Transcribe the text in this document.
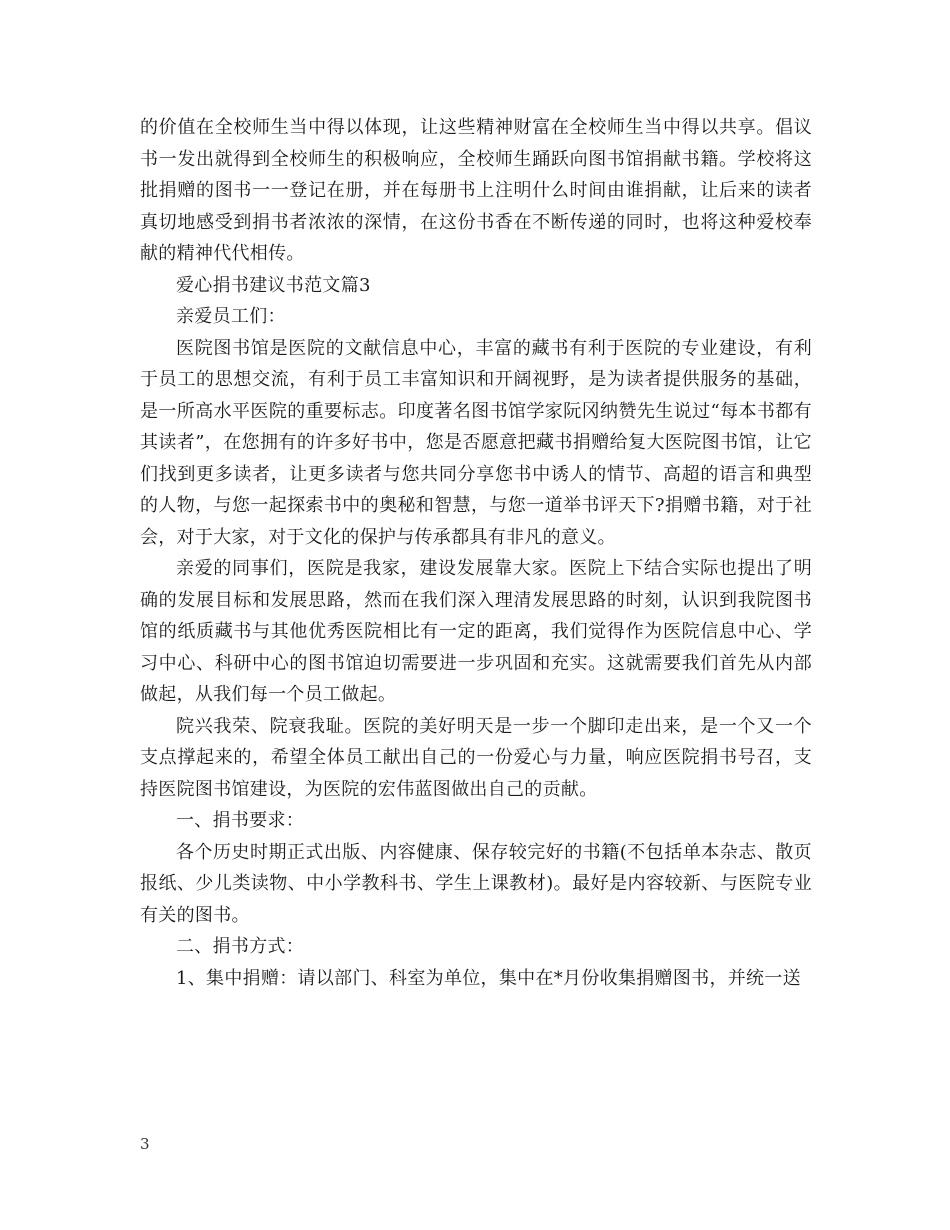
的价值在全校师生当中得以体现，让这些精神财富在全校师生当中得以共享。倡议书一发出就得到全校师生的积极响应，全校师生踊跃向图书馆捐献书籍。学校将这批捐赠的图书一一登记在册，并在每册书上注明什么时间由谁捐献，让后来的读者真切地感受到捐书者浓浓的深情，在这份书香在不断传递的同时，也将这种爱校奉献的精神代代相传。

爱心捐书建议书范文篇3

亲爱员工们：

医院图书馆是医院的文献信息中心，丰富的藏书有利于医院的专业建设，有利于员工的思想交流，有利于员工丰富知识和开阔视野，是为读者提供服务的基础，是一所高水平医院的重要标志。印度著名图书馆学家阮冈纳赞先生说过“每本书都有其读者”，在您拥有的许多好书中，您是否愿意把藏书捐赠给复大医院图书馆，让它们找到更多读者，让更多读者与您共同分享您书中诱人的情节、高超的语言和典型的人物，与您一起探索书中的奥秘和智慧，与您一道举书评天下?捐赠书籍，对于社会，对于大家，对于文化的保护与传承都具有非凡的意义。

亲爱的同事们，医院是我家，建设发展靠大家。医院上下结合实际也提出了明确的发展目标和发展思路，然而在我们深入理清发展思路的时刻，认识到我院图书馆的纸质藏书与其他优秀医院相比有一定的距离，我们觉得作为医院信息中心、学习中心、科研中心的图书馆迫切需要进一步巩固和充实。这就需要我们首先从内部做起，从我们每一个员工做起。

院兴我荣、院衰我耻。医院的美好明天是一步一个脚印走出来，是一个又一个支点撑起来的，希望全体员工献出自己的一份爱心与力量，响应医院捐书号召，支持医院图书馆建设，为医院的宏伟蓝图做出自己的贡献。

一、捐书要求：

各个历史时期正式出版、内容健康、保存较完好的书籍(不包括单本杂志、散页报纸、少儿类读物、中小学教科书、学生上课教材)。最好是内容较新、与医院专业有关的图书。

二、捐书方式：

1、集中捐赠：请以部门、科室为单位，集中在*月份收集捐赠图书，并统一送

3
